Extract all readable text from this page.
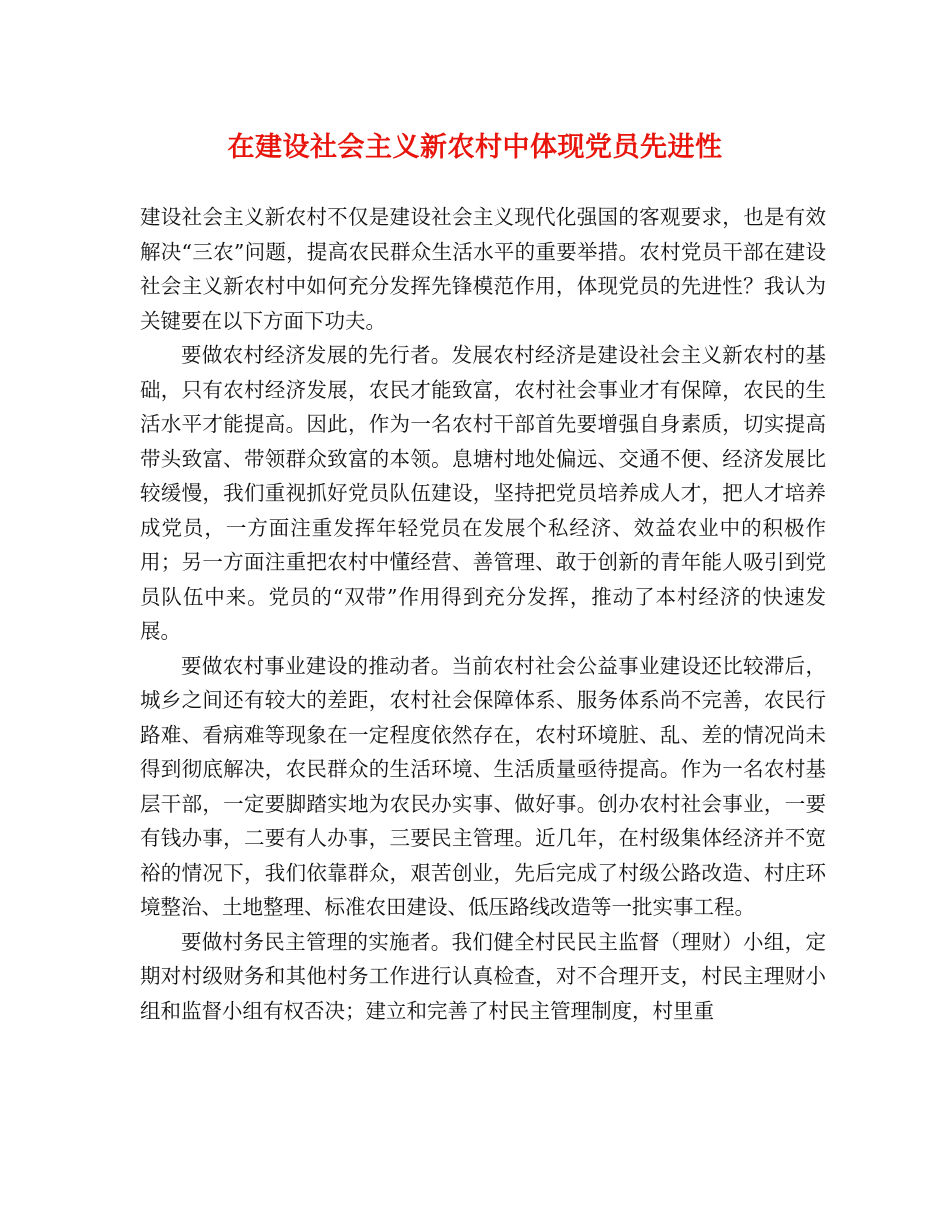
在建设社会主义新农村中体现党员先进性

建设社会主义新农村不仅是建设社会主义现代化强国的客观要求，也是有效解决“三农”问题，提高农民群众生活水平的重要举措。农村党员干部在建设社会主义新农村中如何充分发挥先锋模范作用，体现党员的先进性？我认为关键要在以下方面下功夫。

要做农村经济发展的先行者。发展农村经济是建设社会主义新农村的基础，只有农村经济发展，农民才能致富，农村社会事业才有保障，农民的生活水平才能提高。因此，作为一名农村干部首先要增强自身素质，切实提高带头致富、带领群众致富的本领。息塘村地处偏远、交通不便、经济发展比较缓慢，我们重视抓好党员队伍建设，坚持把党员培养成人才，把人才培养成党员，一方面注重发挥年轻党员在发展个私经济、效益农业中的积极作用；另一方面注重把农村中懂经营、善管理、敢于创新的青年能人吸引到党员队伍中来。党员的“双带”作用得到充分发挥，推动了本村经济的快速发展。

要做农村事业建设的推动者。当前农村社会公益事业建设还比较滞后，城乡之间还有较大的差距，农村社会保障体系、服务体系尚不完善，农民行路难、看病难等现象在一定程度依然存在，农村环境脏、乱、差的情况尚未得到彻底解决，农民群众的生活环境、生活质量亟待提高。作为一名农村基层干部，一定要脚踏实地为农民办实事、做好事。创办农村社会事业，一要有钱办事，二要有人办事，三要民主管理。近几年，在村级集体经济并不宽裕的情况下，我们依靠群众，艰苦创业，先后完成了村级公路改造、村庄环境整治、土地整理、标准农田建设、低压路线改造等一批实事工程。

要做村务民主管理的实施者。我们健全村民民主监督（理财）小组，定期对村级财务和其他村务工作进行认真检查，对不合理开支，村民主理财小组和监督小组有权否决；建立和完善了村民主管理制度，村里重
